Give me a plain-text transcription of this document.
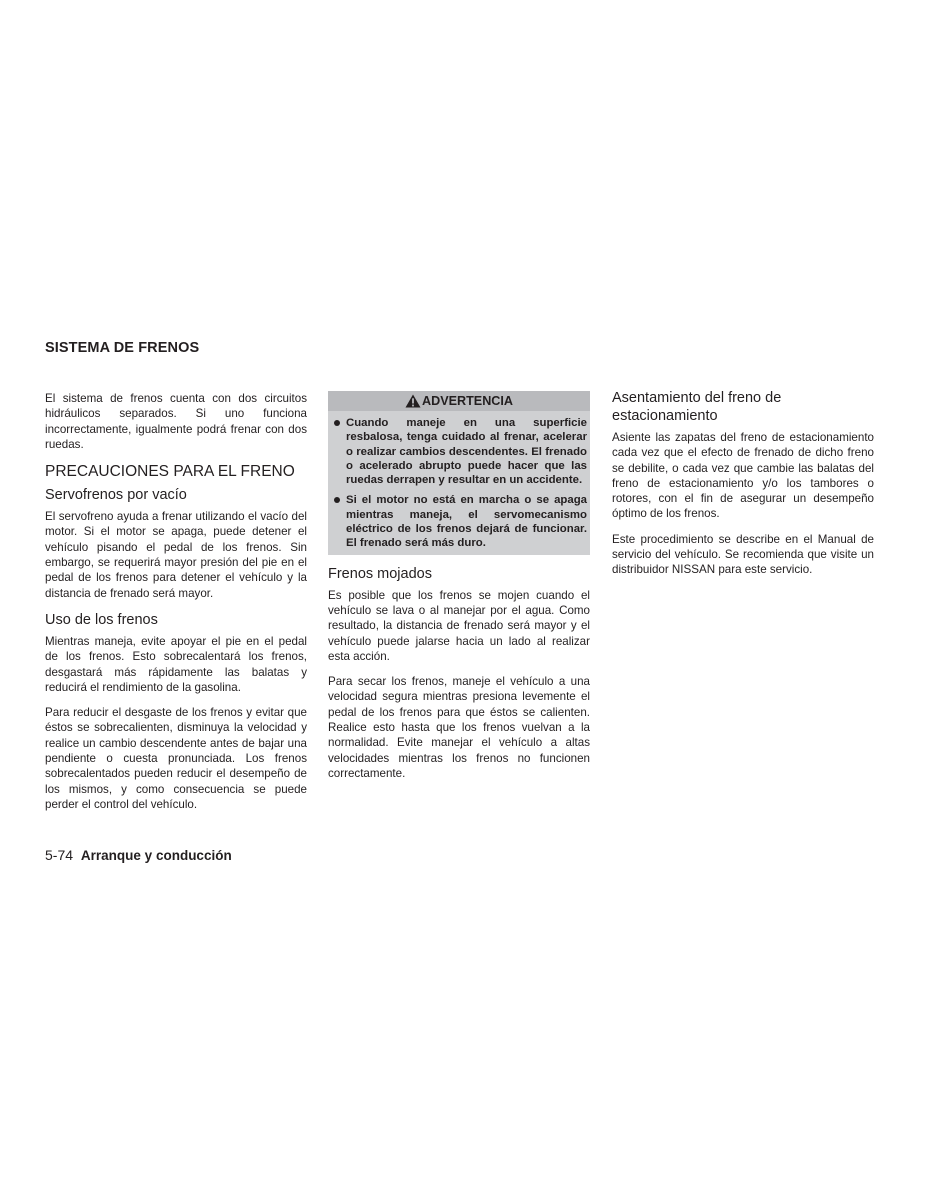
SISTEMA DE FRENOS

El sistema de frenos cuenta con dos circuitos hidráulicos separados. Si uno funciona incorrectamente, igualmente podrá frenar con dos ruedas.

PRECAUCIONES PARA EL FRENO
Servofrenos por vacío

El servofreno ayuda a frenar utilizando el vacío del motor. Si el motor se apaga, puede detener el vehículo pisando el pedal de los frenos. Sin embargo, se requerirá mayor presión del pie en el pedal de los frenos para detener el vehículo y la distancia de frenado será mayor.

Uso de los frenos

Mientras maneja, evite apoyar el pie en el pedal de los frenos. Esto sobrecalentará los frenos, desgastará más rápidamente las balatas y reducirá el rendimiento de la gasolina.

Para reducir el desgaste de los frenos y evitar que éstos se sobrecalienten, disminuya la velocidad y realice un cambio descendente antes de bajar una pendiente o cuesta pronunciada. Los frenos sobrecalentados pueden reducir el desempeño de los mismos, y como consecuencia se puede perder el control del vehículo.

ADVERTENCIA
Cuando maneje en una superficie resbalosa, tenga cuidado al frenar, acelerar o realizar cambios descendentes. El frenado o acelerado abrupto puede hacer que las ruedas derrapen y resultar en un accidente.
Si el motor no está en marcha o se apaga mientras maneja, el servomecanismo eléctrico de los frenos dejará de funcionar. El frenado será más duro.
Frenos mojados

Es posible que los frenos se mojen cuando el vehículo se lava o al manejar por el agua. Como resultado, la distancia de frenado será mayor y el vehículo puede jalarse hacia un lado al realizar esta acción.

Para secar los frenos, maneje el vehículo a una velocidad segura mientras presiona levemente el pedal de los frenos para que éstos se calienten. Realice esto hasta que los frenos vuelvan a la normalidad. Evite manejar el vehículo a altas velocidades mientras los frenos no funcionen correctamente.

Asentamiento del freno de estacionamiento

Asiente las zapatas del freno de estacionamiento cada vez que el efecto de frenado de dicho freno se debilite, o cada vez que cambie las balatas del freno de estacionamiento y/o los tambores o rotores, con el fin de asegurar un desempeño óptimo de los frenos.

Este procedimiento se describe en el Manual de servicio del vehículo. Se recomienda que visite un distribuidor NISSAN para este servicio.

5-74 Arranque y conducción
